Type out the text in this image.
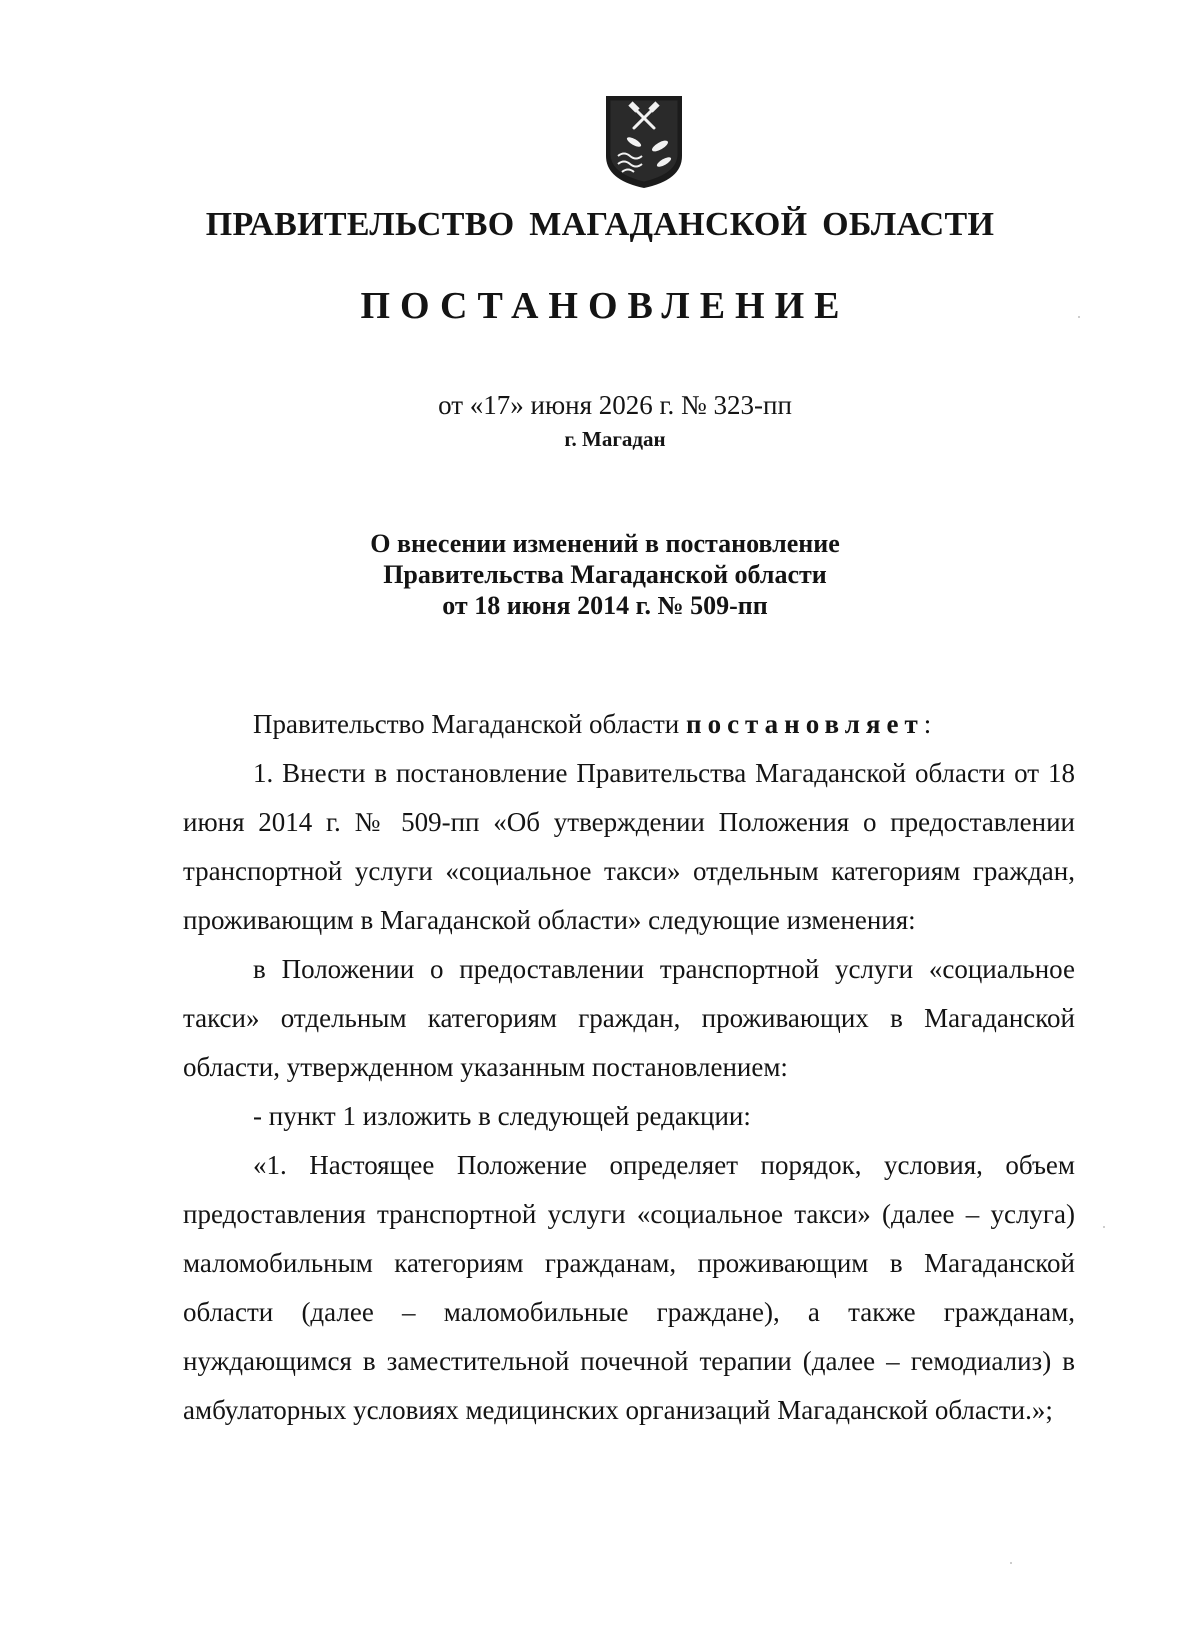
ПРАВИТЕЛЬСТВО МАГАДАНСКОЙ ОБЛАСТИ
ПОСТАНОВЛЕНИЕ
от «17» июня 2026 г. № 323-пп
г. Магадан
О внесении изменений в постановление
Правительства Магаданской области
от 18 июня 2014 г. № 509-пп

Правительство Магаданской области постановляет:

1. Внести в постановление Правительства Магаданской области от 18 июня 2014 г. № 509-пп «Об утверждении Положения о предоставлении транспортной услуги «социальное такси» отдельным категориям граждан, проживающим в Магаданской области» следующие изменения:

в Положении о предоставлении транспортной услуги «социальное такси» отдельным категориям граждан, проживающих в Магаданской области, утвержденном указанным постановлением:

- пункт 1 изложить в следующей редакции:

«1. Настоящее Положение определяет порядок, условия, объем предоставления транспортной услуги «социальное такси» (далее – услуга) маломобильным категориям гражданам, проживающим в Магаданской области (далее – маломобильные граждане), а также гражданам, нуждающимся в заместительной почечной терапии (далее – гемодиализ) в амбулаторных условиях медицинских организаций Магаданской области.»;
